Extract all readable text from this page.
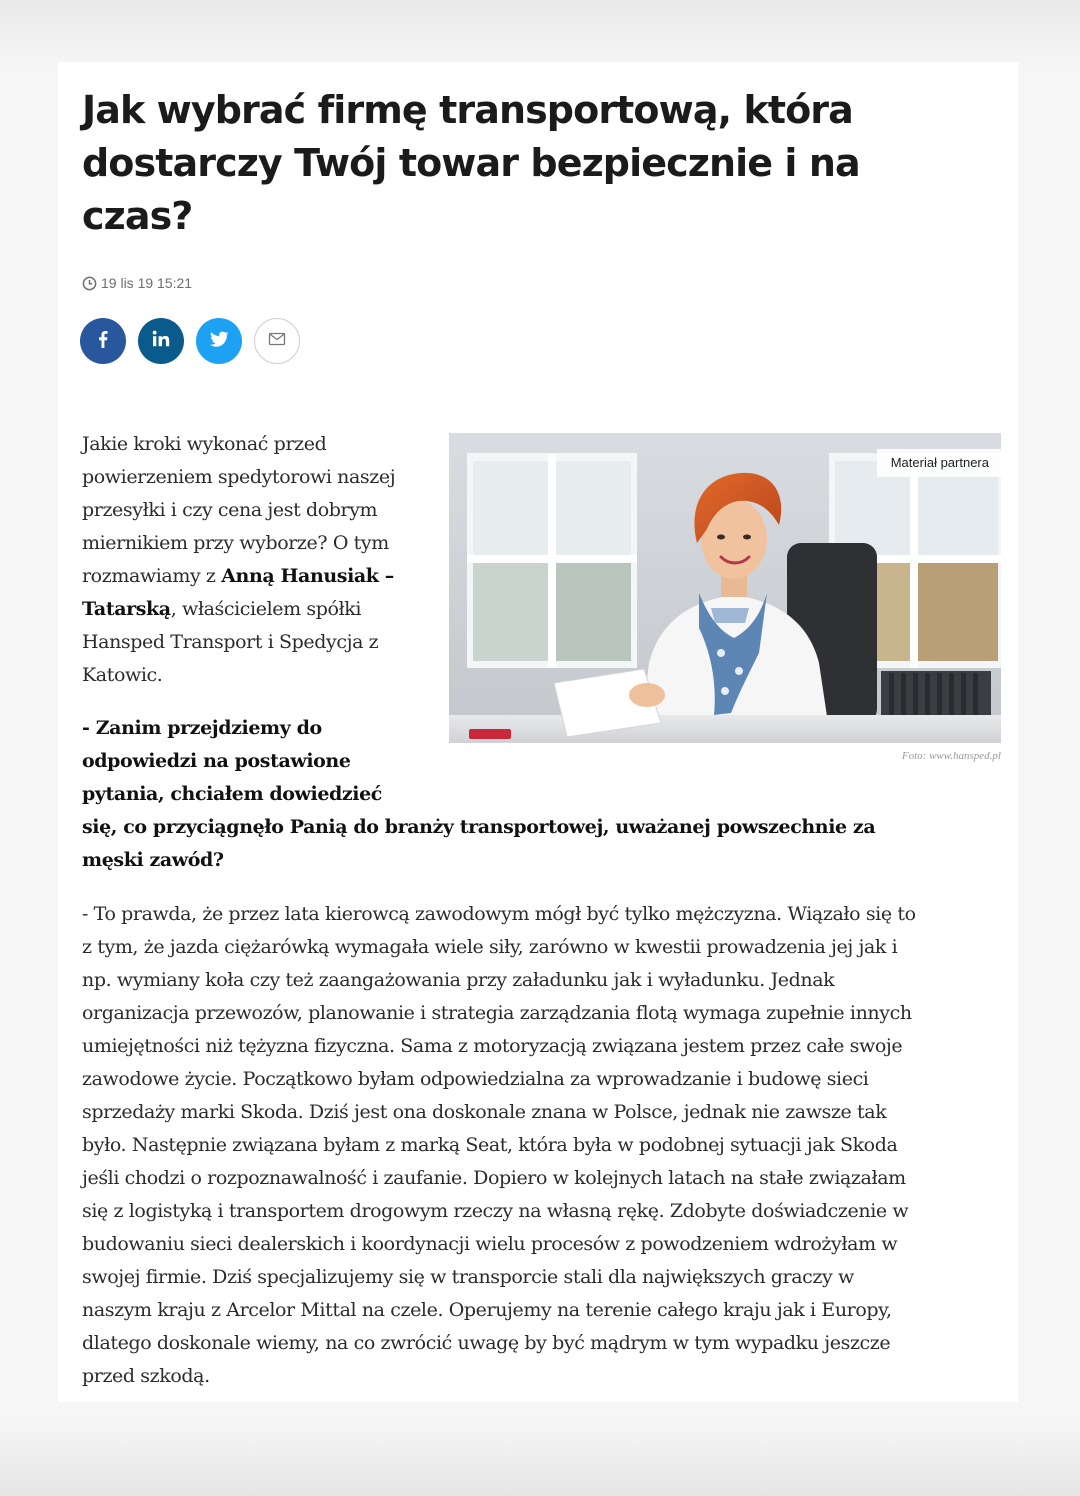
Jak wybrać firmę transportową, która dostarczy Twój towar bezpiecznie i na czas?
19 lis 19 15:21

Jakie kroki wykonać przed powierzeniem spedytorowi naszej przesyłki i czy cena jest dobrym miernikiem przy wyborze? O tym rozmawiamy z Anną Hanusiak – Tatarską, właścicielem spółki Hansped Transport i Spedycja z Katowic.

Materiał partnera
Foto: www.hansped.pl

- Zanim przejdziemy do
odpowiedzi na postawione
pytania, chciałem dowiedzieć
się, co przyciągnęło Panią do branży transportowej, uważanej powszechnie za
męski zawód?

- To prawda, że przez lata kierowcą zawodowym mógł być tylko mężczyzna. Wiązało się to
z tym, że jazda ciężarówką wymagała wiele siły, zarówno w kwestii prowadzenia jej jak i
np. wymiany koła czy też zaangażowania przy załadunku jak i wyładunku. Jednak
organizacja przewozów, planowanie i strategia zarządzania flotą wymaga zupełnie innych
umiejętności niż tężyzna fizyczna. Sama z motoryzacją związana jestem przez całe swoje
zawodowe życie. Początkowo byłam odpowiedzialna za wprowadzanie i budowę sieci
sprzedaży marki Skoda. Dziś jest ona doskonale znana w Polsce, jednak nie zawsze tak
było. Następnie związana byłam z marką Seat, która była w podobnej sytuacji jak Skoda
jeśli chodzi o rozpoznawalność i zaufanie. Dopiero w kolejnych latach na stałe związałam
się z logistyką i transportem drogowym rzeczy na własną rękę. Zdobyte doświadczenie w
budowaniu sieci dealerskich i koordynacji wielu procesów z powodzeniem wdrożyłam w
swojej firmie. Dziś specjalizujemy się w transporcie stali dla największych graczy w
naszym kraju z Arcelor Mittal na czele. Operujemy na terenie całego kraju jak i Europy,
dlatego doskonale wiemy, na co zwrócić uwagę by być mądrym w tym wypadku jeszcze
przed szkodą.
